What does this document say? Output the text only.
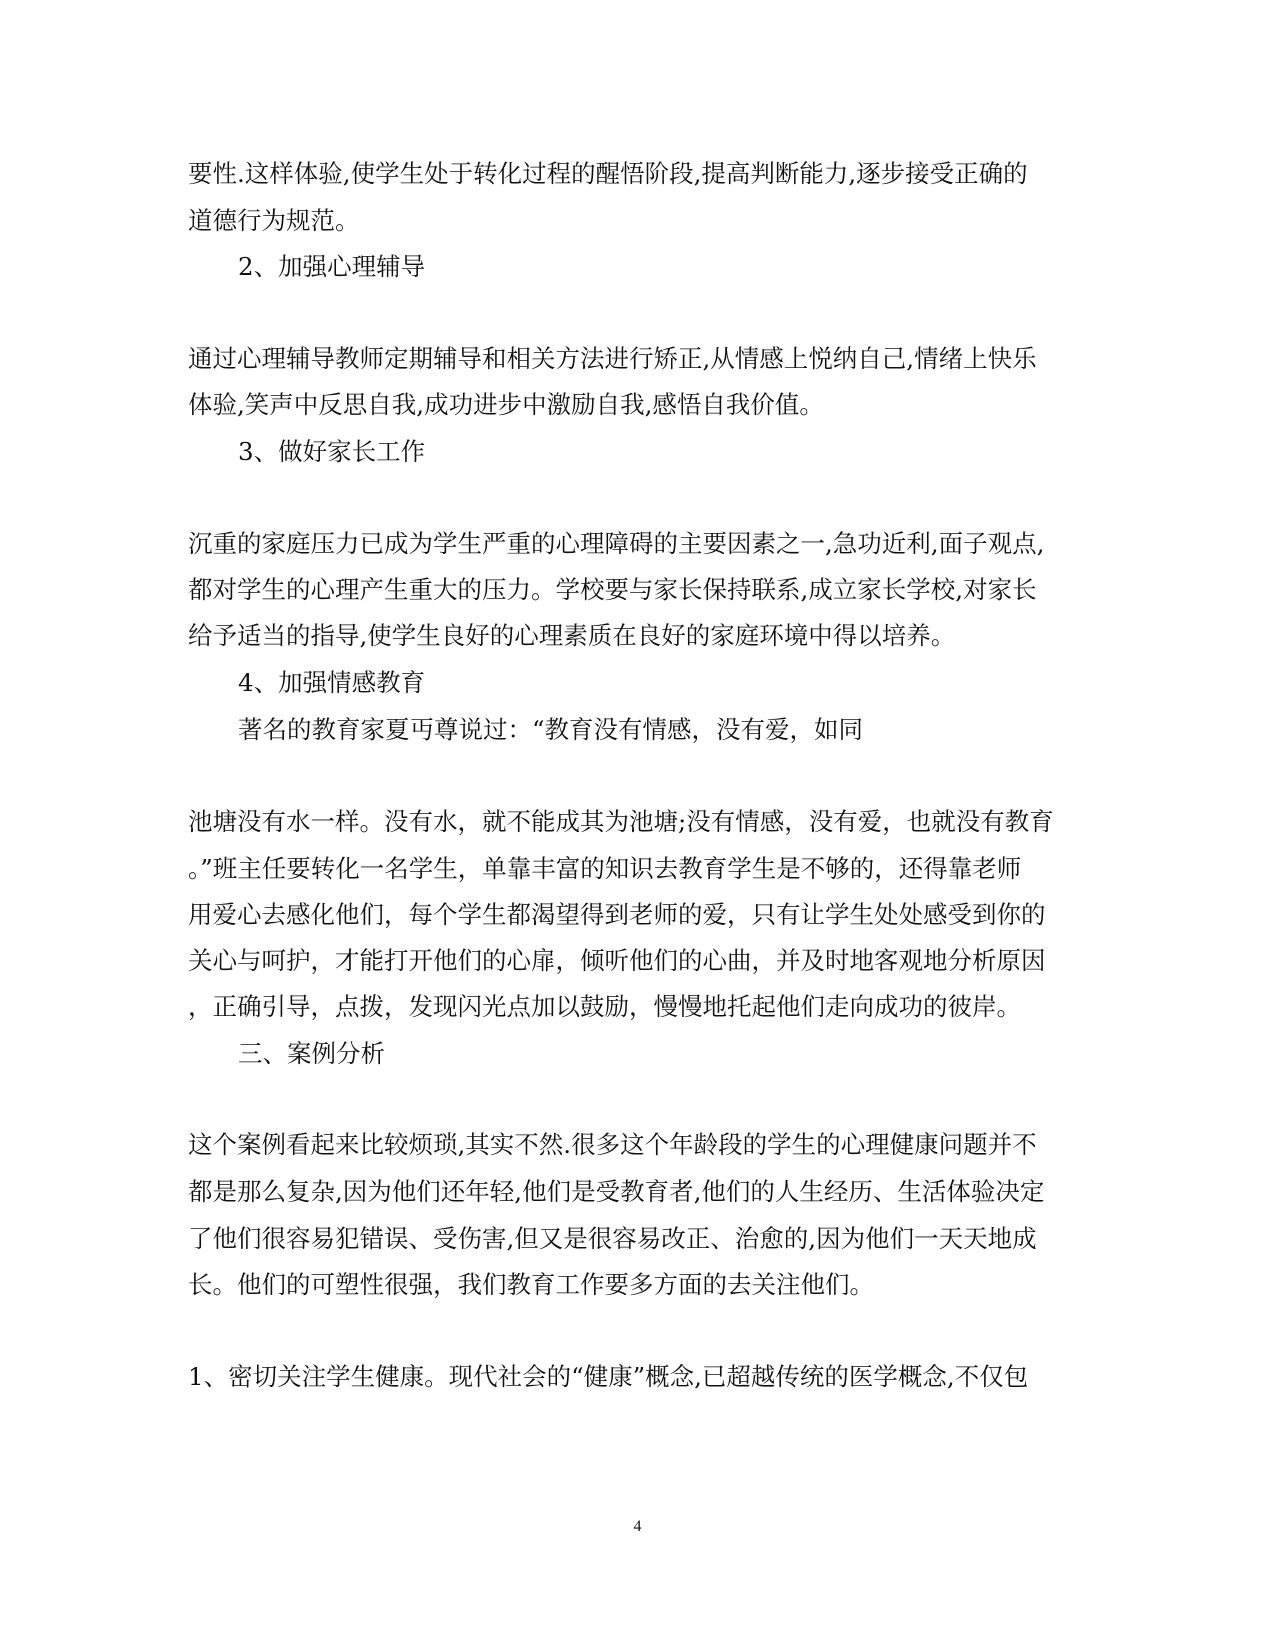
要性.这样体验,使学生处于转化过程的醒悟阶段,提高判断能力,逐步接受正确的
道德行为规范。
2、加强心理辅导
通过心理辅导教师定期辅导和相关方法进行矫正,从情感上悦纳自己,情绪上快乐
体验,笑声中反思自我,成功进步中激励自我,感悟自我价值。
3、做好家长工作
沉重的家庭压力已成为学生严重的心理障碍的主要因素之一,急功近利,面子观点,
都对学生的心理产生重大的压力。学校要与家长保持联系,成立家长学校,对家长
给予适当的指导,使学生良好的心理素质在良好的家庭环境中得以培养。
4、加强情感教育
著名的教育家夏丏尊说过：“教育没有情感，没有爱，如同
池塘没有水一样。没有水，就不能成其为池塘;没有情感，没有爱，也就没有教育
。”班主任要转化一名学生，单靠丰富的知识去教育学生是不够的，还得靠老师
用爱心去感化他们，每个学生都渴望得到老师的爱，只有让学生处处感受到你的
关心与呵护，才能打开他们的心扉，倾听他们的心曲，并及时地客观地分析原因
，正确引导，点拨，发现闪光点加以鼓励，慢慢地托起他们走向成功的彼岸。
三、案例分析
这个案例看起来比较烦琐,其实不然.很多这个年龄段的学生的心理健康问题并不
都是那么复杂,因为他们还年轻,他们是受教育者,他们的人生经历、生活体验决定
了他们很容易犯错误、受伤害,但又是很容易改正、治愈的,因为他们一天天地成
长。他们的可塑性很强，我们教育工作要多方面的去关注他们。
1、密切关注学生健康。现代社会的“健康”概念,已超越传统的医学概念,不仅包
4
